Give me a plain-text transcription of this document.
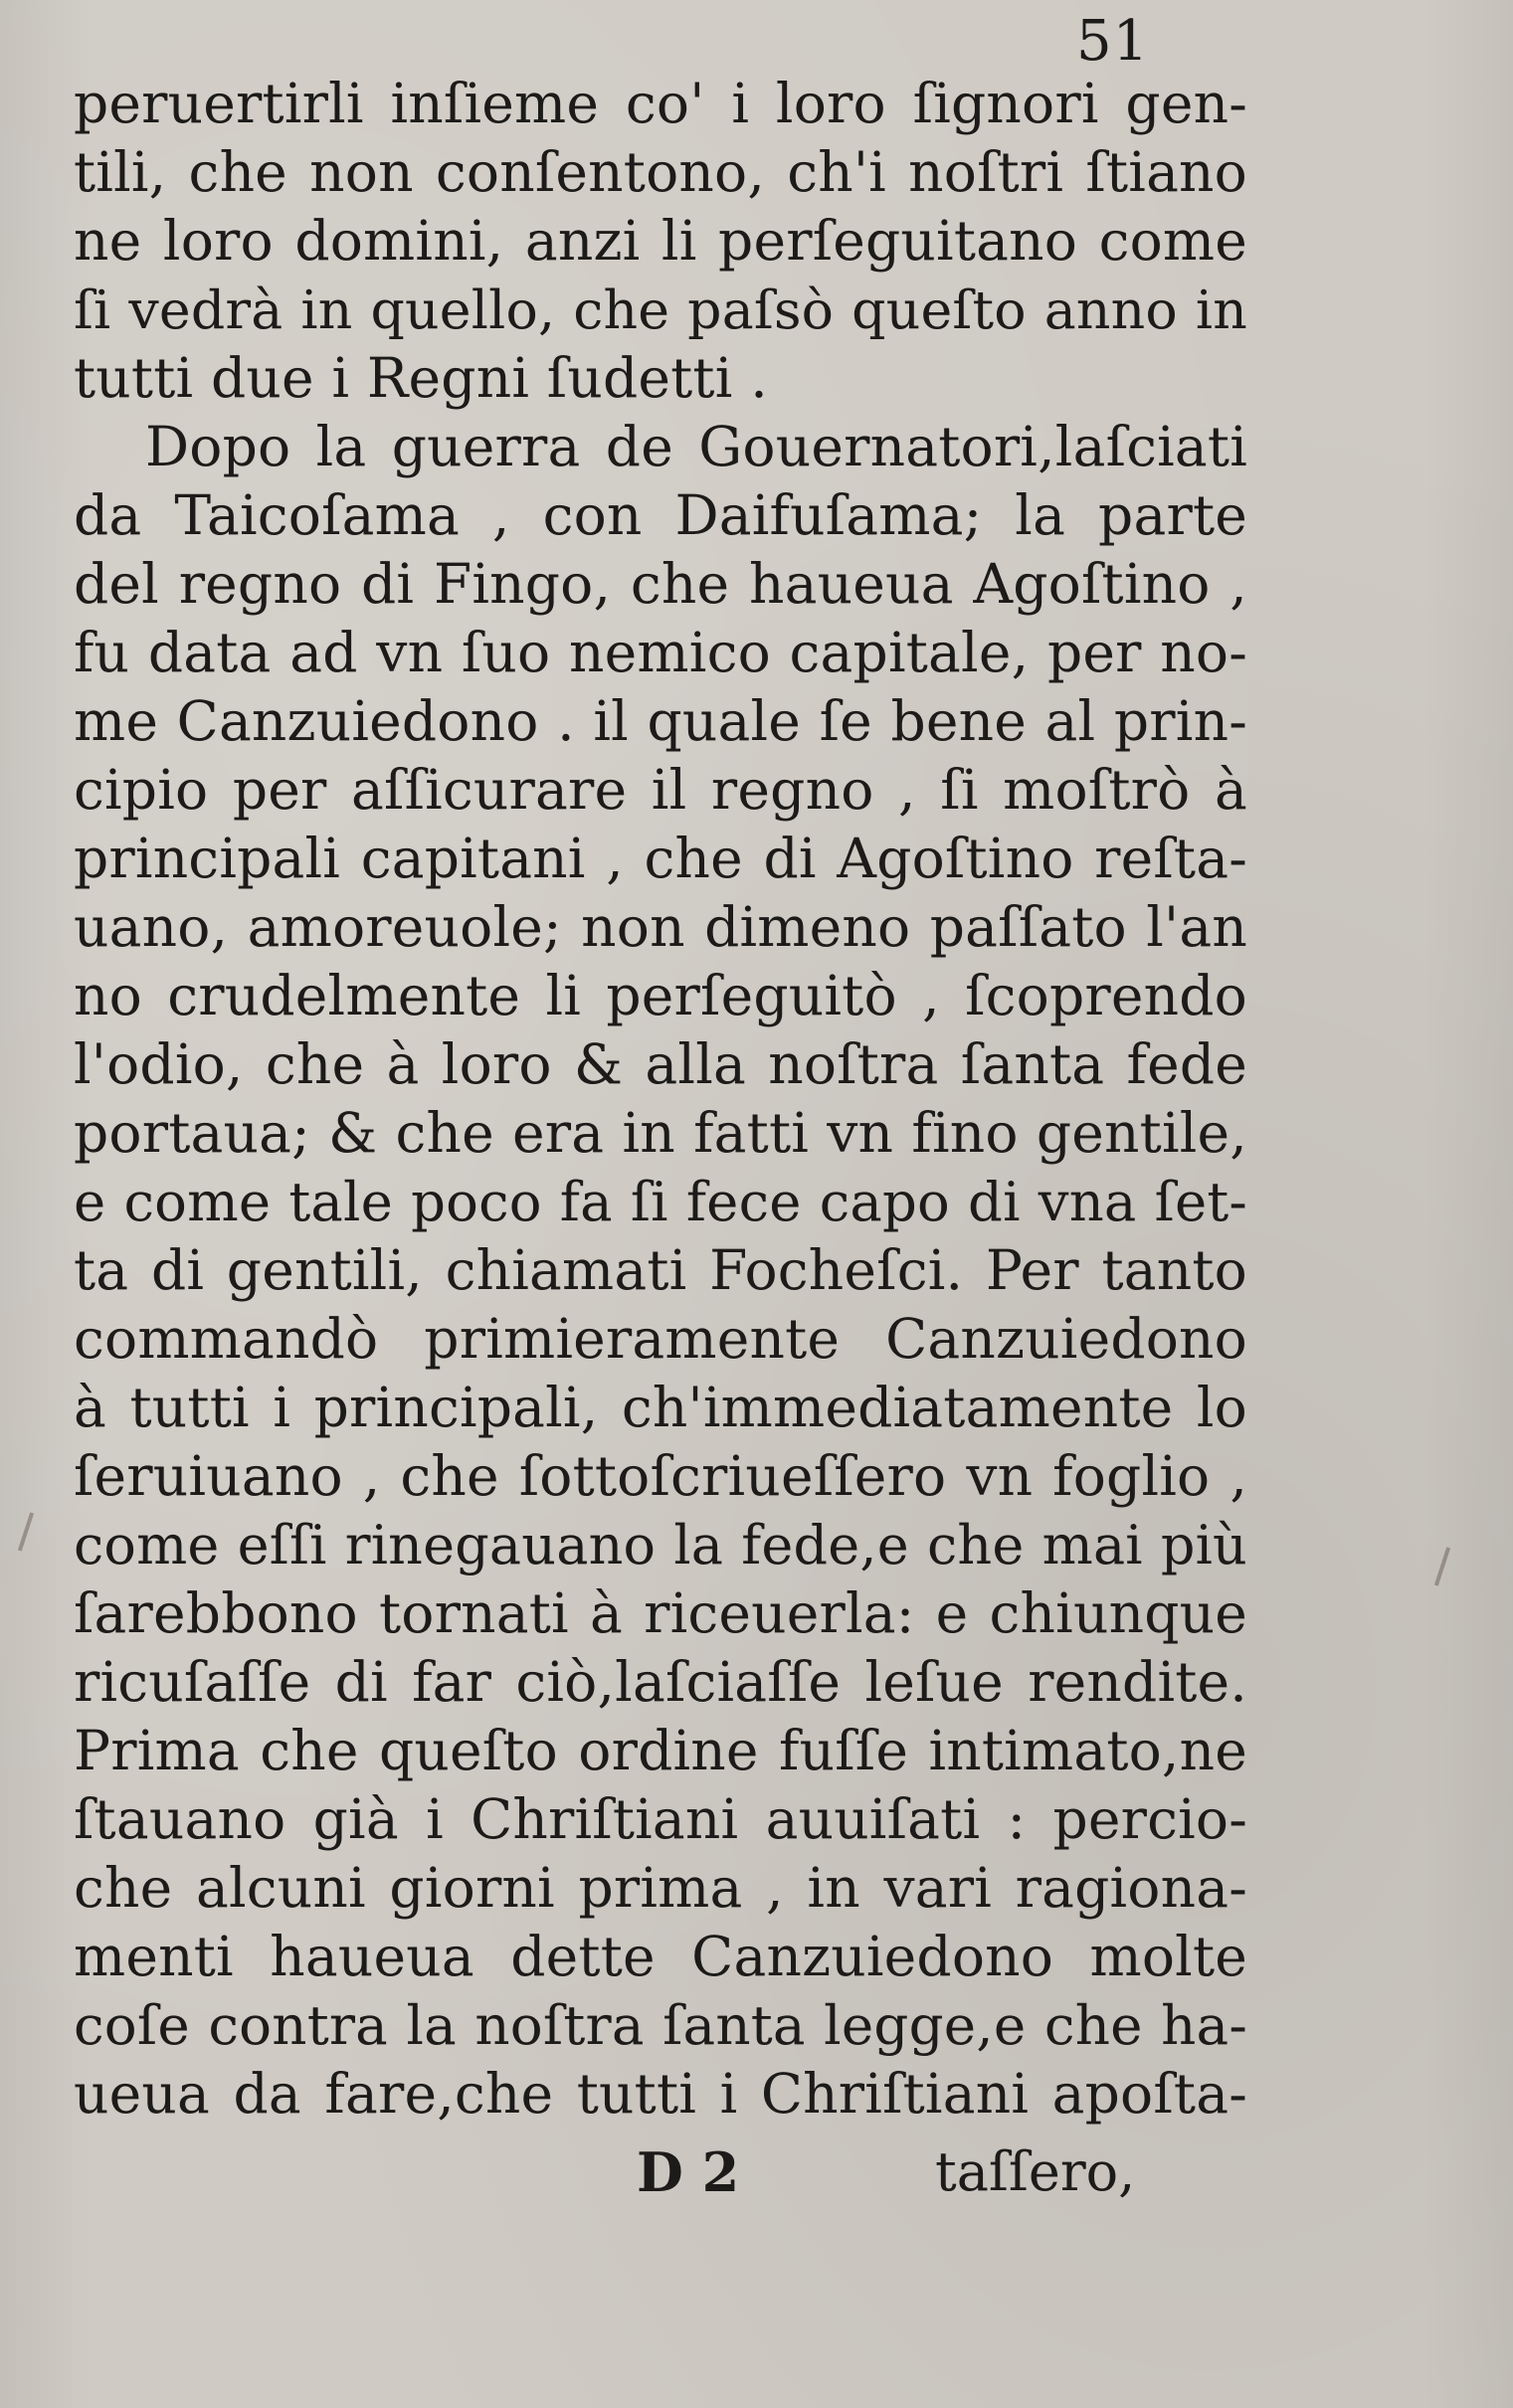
51
peruertirli inſieme co' i loro ſignori gen-
tili, che non conſentono, ch'i noſtri ſtiano
ne loro domini, anzi li perſeguitano come
ſi vedrà in quello, che paſsò queſto anno in
tutti due i Regni ſudetti .
Dopo la guerra de Gouernatori,laſciati
da Taicoſama , con Daifuſama; la parte
del regno di Fingo, che haueua Agoſtino ,
fu data ad vn ſuo nemico capitale, per no-
me Canzuiedono . il quale ſe bene al prin-
cipio per aſſicurare il regno , ſi moſtrò à
principali capitani , che di Agoſtino reſta-
uano, amoreuole; non dimeno paſſato l'an
no crudelmente li perſeguitò , ſcoprendo
l'odio, che à loro & alla noſtra ſanta fede
portaua; & che era in fatti vn fino gentile,
e come tale poco fa ſi fece capo di vna ſet-
ta di gentili, chiamati Focheſci. Per tanto
commandò primieramente Canzuiedono
à tutti i principali, ch'immediatamente lo
ſeruiuano , che ſottoſcriueſſero vn foglio ,
come eſſi rinegauano la fede,e che mai più
ſarebbono tornati à riceuerla: e chiunque
ricuſaſſe di far ciò,laſciaſſe leſue rendite.
Prima che queſto ordine fuſſe intimato,ne
ſtauano già i Chriſtiani auuiſati : percio-
che alcuni giorni prima , in vari ragiona-
menti haueua dette Canzuiedono molte
coſe contra la noſtra ſanta legge,e che ha-
ueua da fare,che tutti i Chriſtiani apoſta-
D 2	taſſero,
